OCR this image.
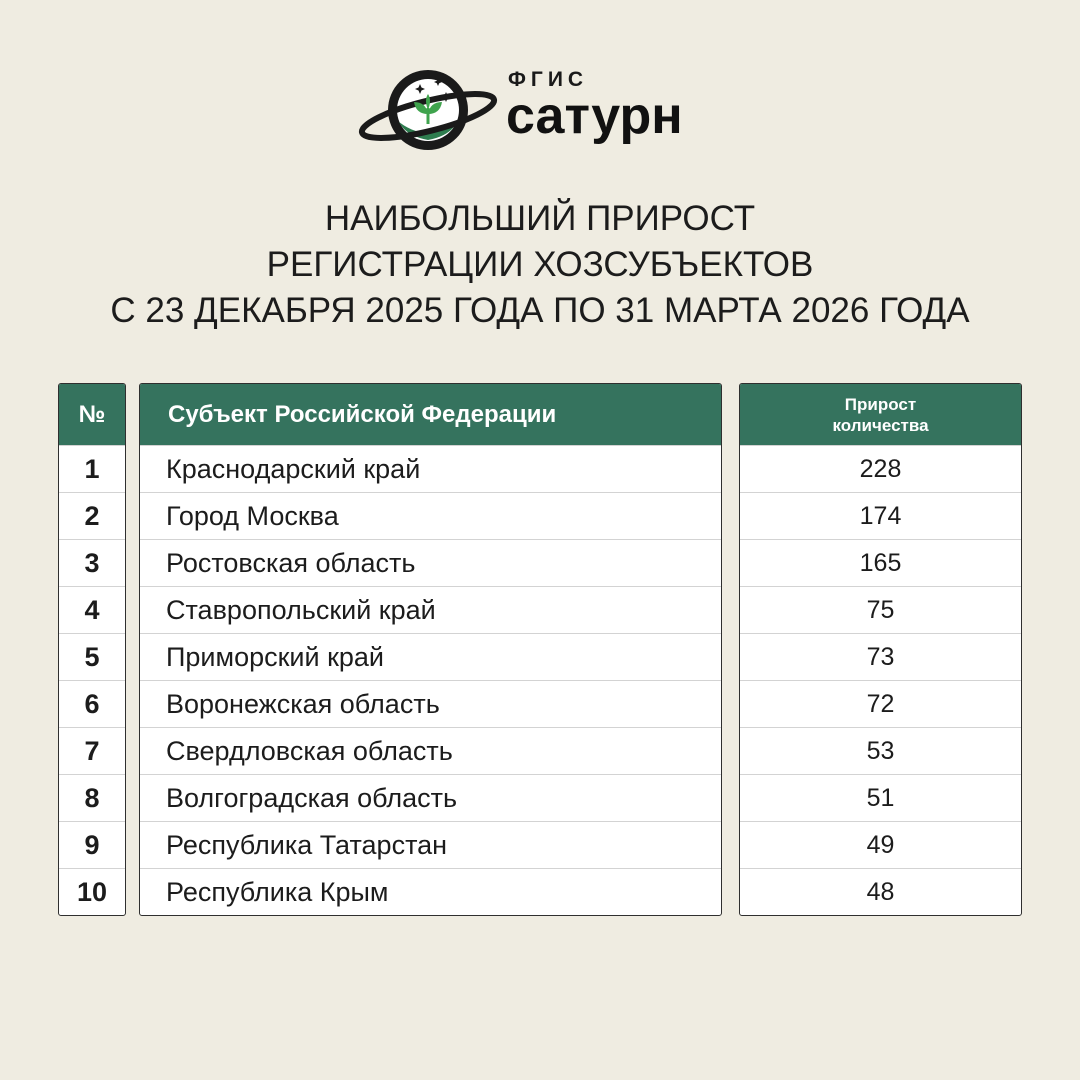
ФГИС
сатурн
НАИБОЛЬШИЙ ПРИРОСТ
РЕГИСТРАЦИИ ХОЗСУБЪЕКТОВ
С 23 ДЕКАБРЯ 2025 ГОДА ПО 31 МАРТА 2026 ГОДА
№
1
2
3
4
5
6
7
8
9
10
Субъект Российской Федерации
Краснодарский край
Город Москва
Ростовская область
Ставропольский край
Приморский край
Воронежская область
Свердловская область
Волгоградская область
Республика Татарстан
Республика Крым
Прирост
количества
228
174
165
75
73
72
53
51
49
48
